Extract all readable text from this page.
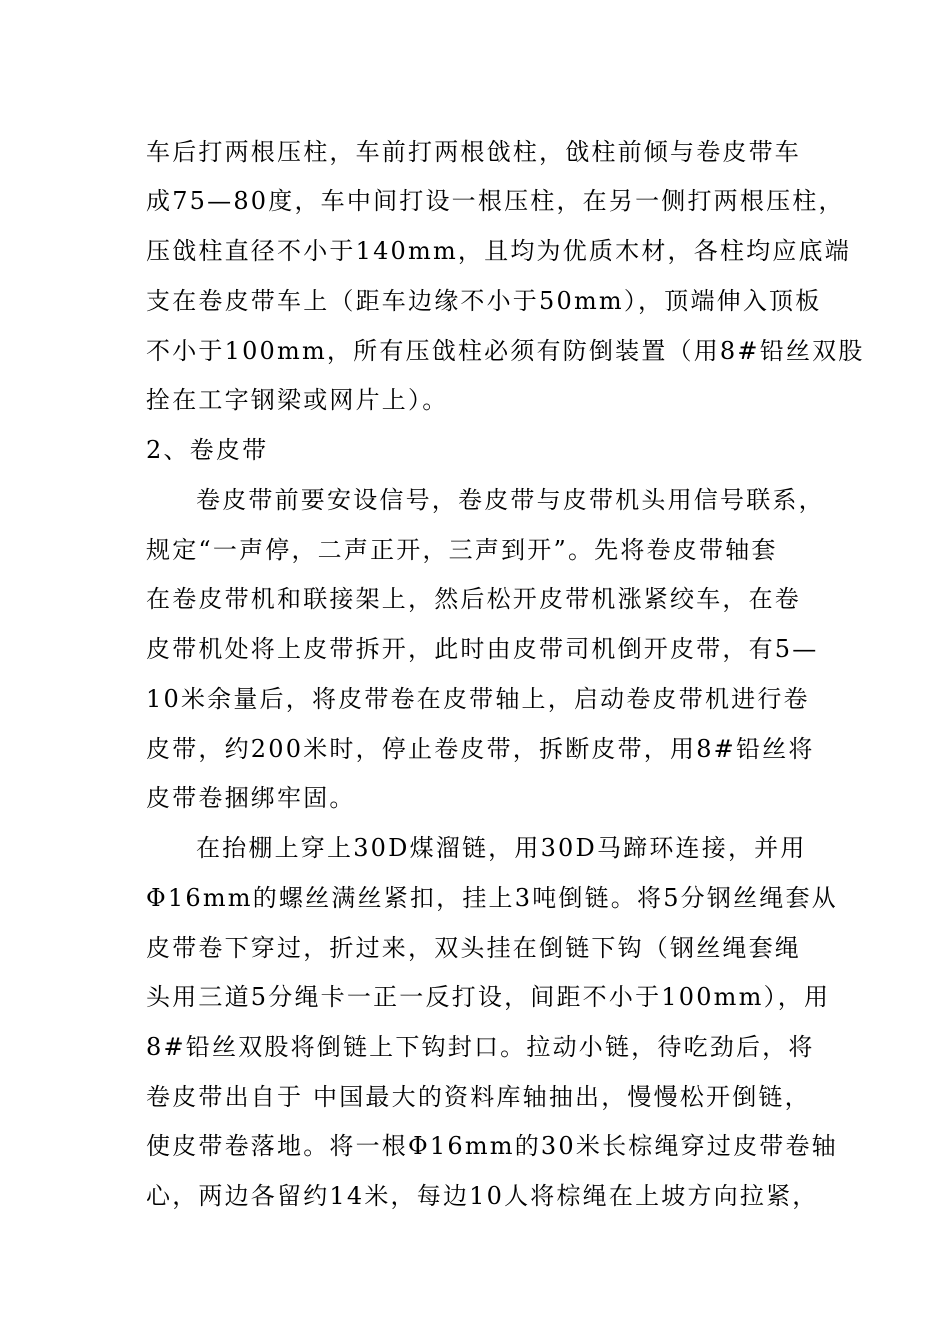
车后打两根压柱，车前打两根戗柱，戗柱前倾与卷皮带车
成75—80度，车中间打设一根压柱，在另一侧打两根压柱，
压戗柱直径不小于140mm，且均为优质木材，各柱均应底端
支在卷皮带车上（距车边缘不小于50mm），顶端伸入顶板
不小于100mm，所有压戗柱必须有防倒装置（用8#铅丝双股
拴在工字钢梁或网片上）。
2、卷皮带
卷皮带前要安设信号，卷皮带与皮带机头用信号联系，
规定“一声停，二声正开，三声到开”。先将卷皮带轴套
在卷皮带机和联接架上，然后松开皮带机涨紧绞车，在卷
皮带机处将上皮带拆开，此时由皮带司机倒开皮带，有5—
10米余量后，将皮带卷在皮带轴上，启动卷皮带机进行卷
皮带，约200米时，停止卷皮带，拆断皮带，用8#铅丝将
皮带卷捆绑牢固。
在抬棚上穿上30D煤溜链，用30D马蹄环连接，并用
Φ16mm的螺丝满丝紧扣，挂上3吨倒链。将5分钢丝绳套从
皮带卷下穿过，折过来，双头挂在倒链下钩（钢丝绳套绳
头用三道5分绳卡一正一反打设，间距不小于100mm），用
8#铅丝双股将倒链上下钩封口。拉动小链，待吃劲后，将
卷皮带出自于 中国最大的资料库轴抽出，慢慢松开倒链，
使皮带卷落地。将一根Φ16mm的30米长棕绳穿过皮带卷轴
心，两边各留约14米，每边10人将棕绳在上坡方向拉紧，
